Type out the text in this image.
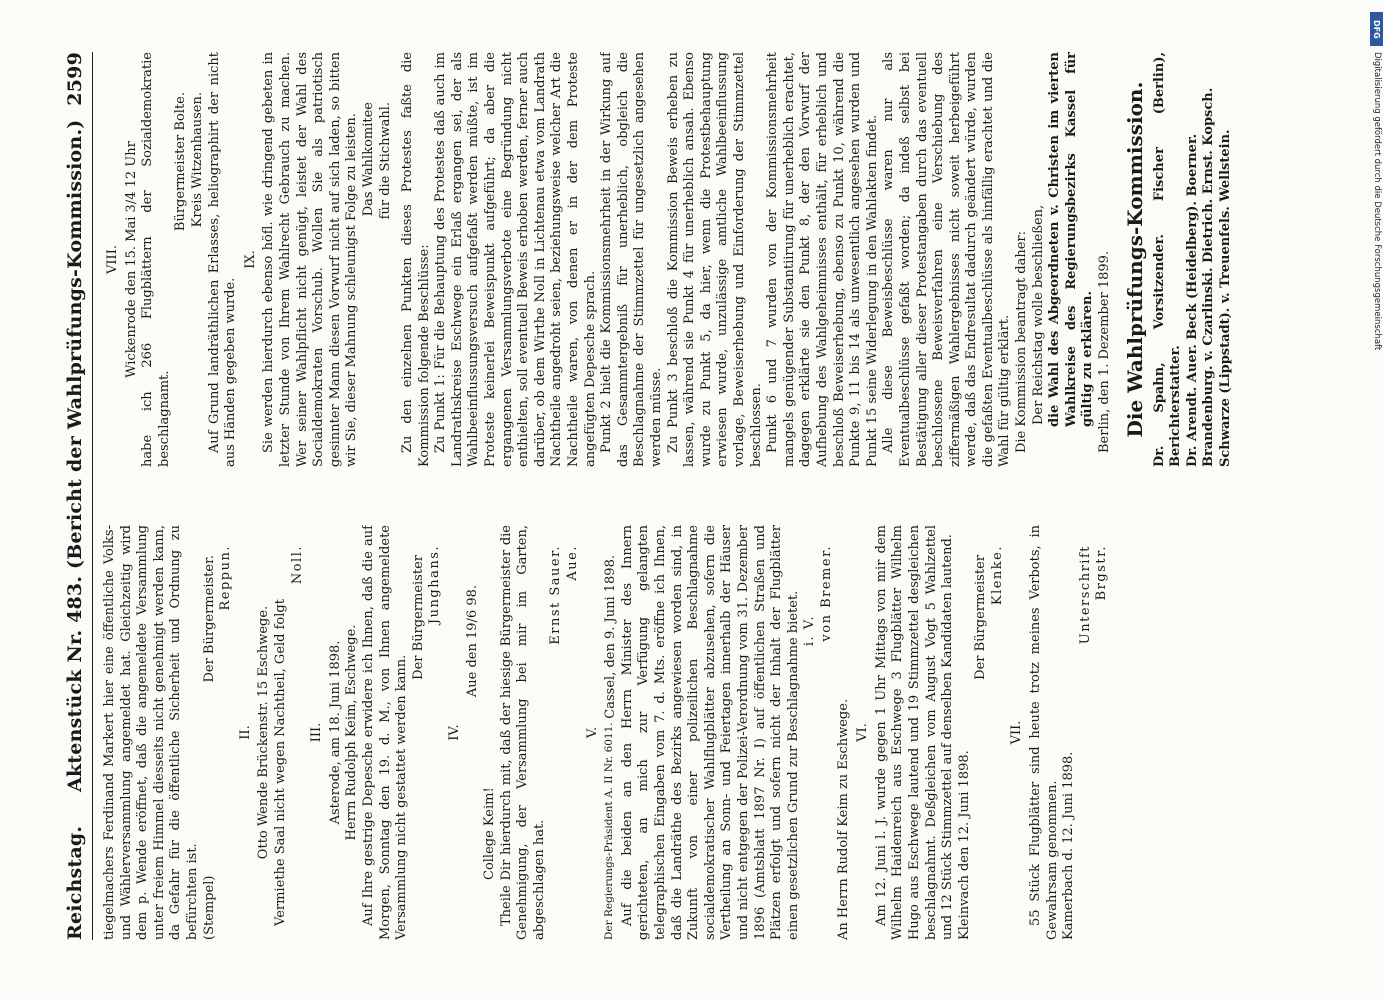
Reichstag.
Aktenstück Nr. 483. (Bericht der Wahlprüfungs-Kommission.)
2599

tiegelmachers Ferdinand Markert hier eine öffentliche Volks- und Wählerversammlung angemeldet hat. Gleichzeitig wird dem p. Wende eröffnet, daß die angemeldete Versammlung unter freiem Himmel diesseits nicht genehmigt werden kann, da Gefahr für die öffentliche Sicherheit und Ordnung zu befürchten ist. (Stempel)
Der Bürgermeister. Reppun.

II. Otto Wende Brückenstr. 15 Eschwege. Vermiethe Saal nicht wegen Nachtheil, Geld folgt

Noll.

III. Asterode, am 18. Juni 1898. Herrn Rudolph Keim, Eschwege. Auf Ihre gestrige Depesche erwidere ich Ihnen, daß die auf Morgen, Sonntag den 19. d. M., von Ihnen angemeldete Versammlung nicht gestattet werden kann.

Der Bürgermeister Junghans.

IV.

Aue den 19/6 98.

College Keim! Theile Dir hierdurch mit, daß der hiesige Bürgermeister die Genehmigung, der Versammlung bei mir im Garten, abgeschlagen hat.

Ernst Sauer. Aue.

V. Der Regierungs-Präsident A. II Nr. 6011.

Cassel, den 9. Juni 1898. Auf die beiden an den Herrn Minister des Innern gerichteten, an mich zur Verfügung gelangten telegraphischen Eingaben vom 7. d. Mts. eröffne ich Ihnen, daß die Landräthe des Bezirks angewiesen worden sind, in Zukunft von einer polizeilichen Beschlagnahme socialdemokratischer Wahlflugblätter abzusehen, sofern die Vertheilung an Sonn- und Feiertagen innerhalb der Häuser und nicht entgegen der Polizei-Verordnung vom 31. Dezember 1896 (Amtsblatt 1897 Nr. I) auf öffentlichen Straßen und Plätzen erfolgt und sofern nicht der Inhalt der Flugblätter einen gesetzlichen Grund zur Beschlagnahme bietet. i. V. von Bremer.

An Herrn Rudolf Keim zu Eschwege. VI. Am 12. Juni l. J. wurde gegen 1 Uhr Mittags von mir dem Wilhelm Haidenreich aus Eschwege 3 Flugblätter Wilhelm Hugo aus Eschwege lautend und 19 Stimmzettel desgleichen beschlagnahmt. Deßgleichen vom August Vogt 5 Wahlzettel und 12 Stück Stimmzettel auf denselben Kandidaten lautend. Kleinvach den 12. Juni 1898.

Der Bürgermeister Klenke.

VII. 55 Stück Flugblätter sind heute trotz meines Verbots, in Gewahrsam genommen. Kamerbach d. 12. Juni 1898.

Unterschrift Brgstr.

VIII. Wickenrode den 15. Mai 3/4 12 Uhr habe ich 266 Flugblättern der Sozialdemokratie beschlagnamt.

Bürgermeister Bolte. Kreis Witzenhausen. Auf Grund landräthlichen Erlasses, heliographirt der nicht aus Händen gegeben wurde.

IX. Sie werden hierdurch ebenso höfl. wie dringend gebeten in letzter Stunde von Ihrem Wahlrecht Gebrauch zu machen. Wer seiner Wahlpflicht nicht genügt, leistet der Wahl des Socialdemokraten Vorschub. Wollen Sie als patriotisch gesinnter Mann diesen Vorwurf nicht auf sich laden, so bitten wir Sie, dieser Mahnung schleunigst Folge zu leisten. Das Wahlkomitee für die Stichwahl. Zu den einzelnen Punkten dieses Protestes faßte die Kommission folgende Beschlüsse: Zu Punkt 1: Für die Behauptung des Protestes daß auch im Landrathskreise Eschwege ein Erlaß ergangen sei, der als Wahlbeeinflussungsversuch aufgefaßt werden müßte, ist im Proteste keinerlei Beweispunkt aufgeführt; da aber die ergangenen Versammlungsverbote eine Begründung nicht enthielten, soll eventuell Beweis erhoben werden, ferner auch darüber, ob dem Wirthe Noll in Lichtenau etwa vom Landrath Nachtheile angedroht seien, beziehungsweise welcher Art die Nachtheile waren, von denen er in der dem Proteste angefügten Depesche sprach. Punkt 2 hielt die Kommissionsmehrheit in der Wirkung auf das Gesammtergebniß für unerheblich, obgleich die Beschlagnahme der Stimmzettel für ungesetzlich angesehen werden müsse. Zu Punkt 3 beschloß die Kommission Beweis erheben zu lassen, während sie Punkt 4 für unerheblich ansah. Ebenso wurde zu Punkt 5, da hier, wenn die Protestbehauptung erwiesen wurde, unzulässige amtliche Wahlbeeinflussung vorlage, Beweiserhebung und Einforderung der Stimmzettel beschlossen. Punkt 6 und 7 wurden von der Kommissionsmehrheit mangels genügender Substantiirung für unerheblich erachtet, dagegen erklärte sie den Punkt 8, der den Vorwurf der Aufhebung des Wahlgeheimnisses enthält, für erheblich und beschloß Beweiserhebung, ebenso zu Punkt 10, während die Punkte 9, 11 bis 14 als unwesentlich angesehen wurden und Punkt 15 seine Widerlegung in den Wahlakten findet. Alle diese Beweisbeschlüsse waren nur als Eventualbeschlüsse gefaßt worden; da indeß selbst bei Bestätigung aller dieser Protestangaben durch das eventuell beschlossene Beweisverfahren eine Verschiebung des ziffermäßigen Wahlergebnisses nicht soweit herbeigeführt werde, daß das Endresultat dadurch geändert würde, wurden die gefaßten Eventualbeschlüsse als hinfällig erachtet und die Wahl für gültig erklärt. Die Kommission beantragt daher: Der Reichstag wolle beschließen, die Wahl des Abgeordneten v. Christen im vierten Wahlkreise des Regierungsbezirks Kassel für gültig zu erklären. Berlin, den 1. Dezember 1899. Die Wahlprüfungs-Kommission. Dr. Spahn, Vorsitzender. Fischer (Berlin), Berichterstatter. Dr. Arendt. Auer. Beck (Heidelberg). Boerner. Brandenburg. v. Czarlinski. Dietrich. Ernst. Kopsch. Schwarze (Lippstadt). v. Treuenfels. Wellstein.

DFG
Digitalisierung gefördert durch die Deutsche Forschungsgemeinschaft
